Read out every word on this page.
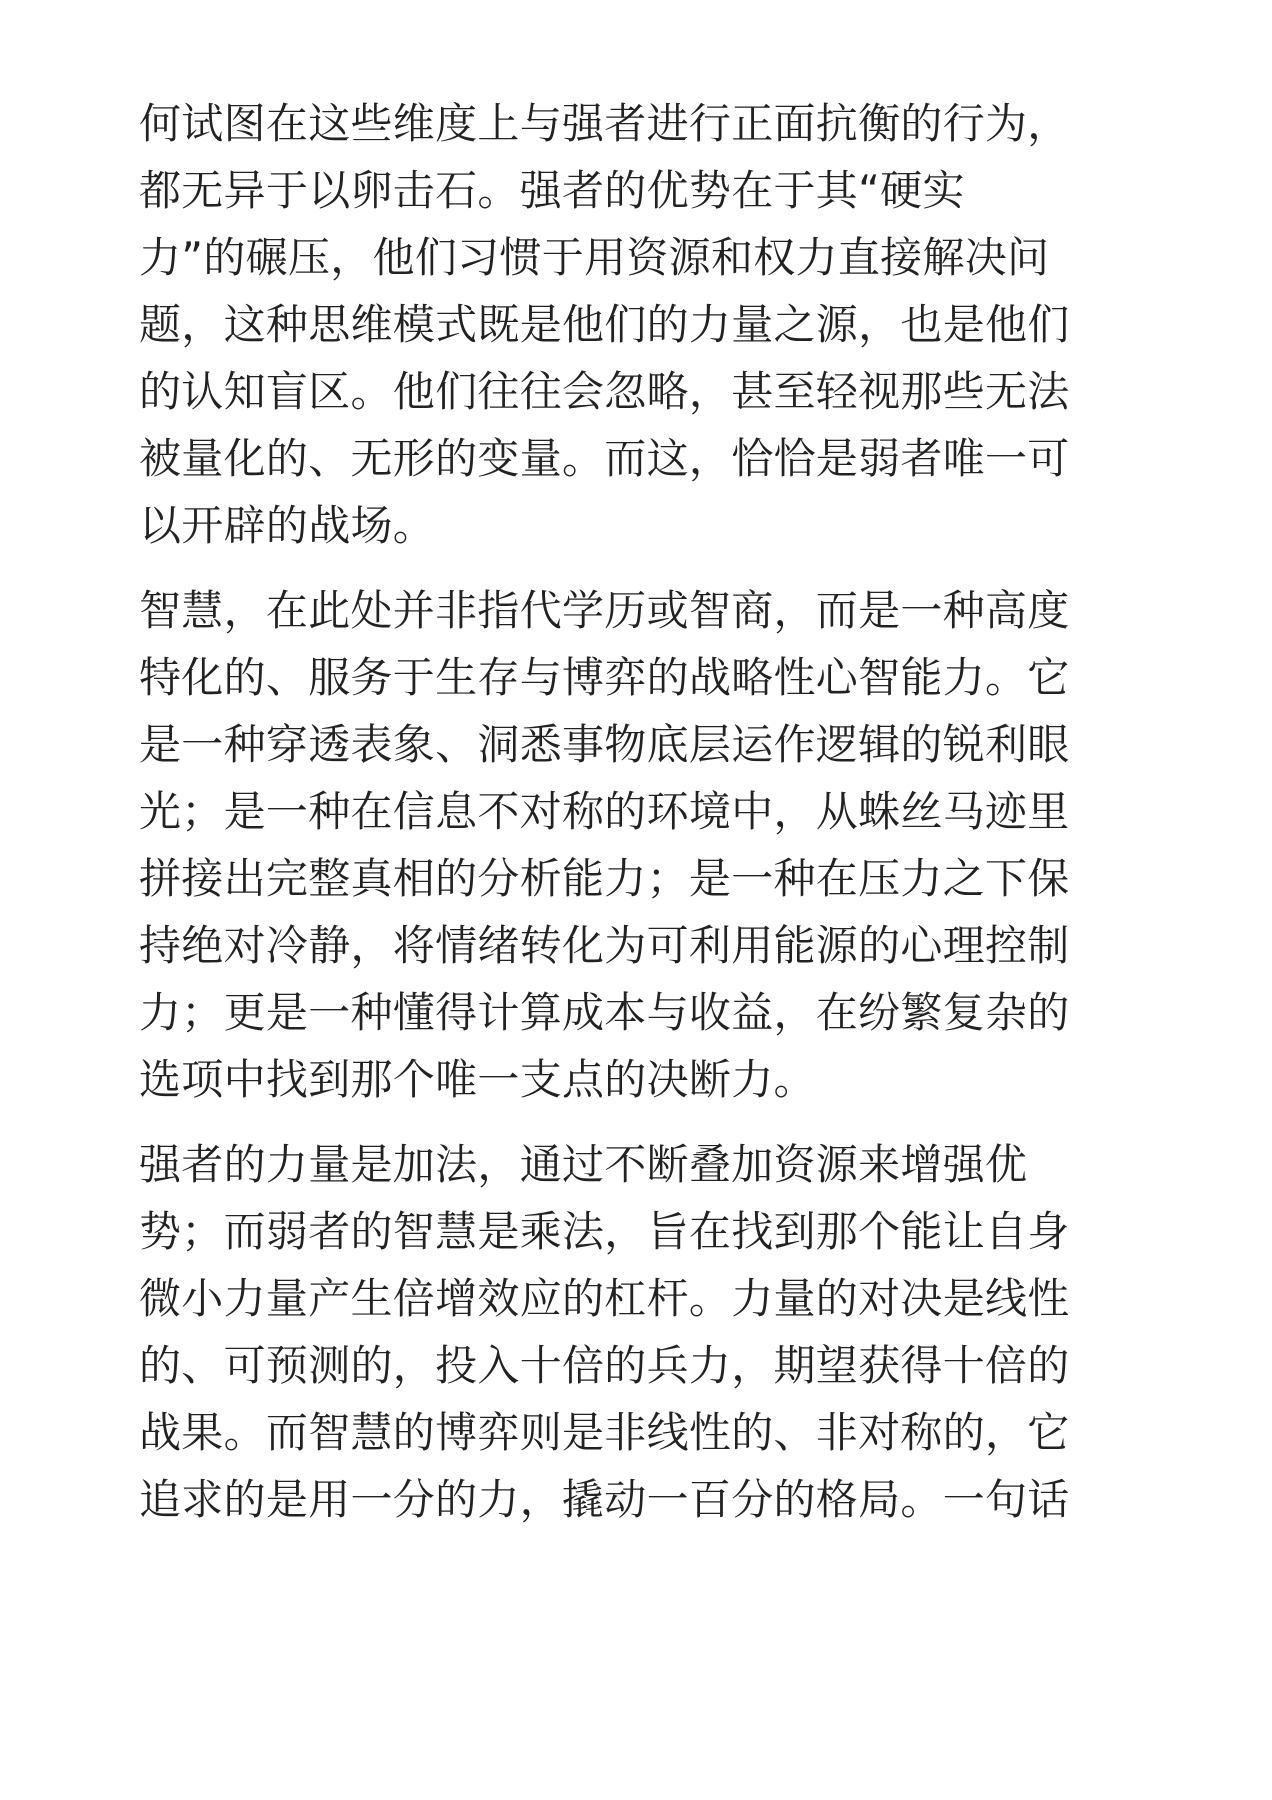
何试图在这些维度上与强者进行正面抗衡的行为，
都无异于以卵击石。强者的优势在于其“硬实
力”的碾压，他们习惯于用资源和权力直接解决问
题，这种思维模式既是他们的力量之源，也是他们
的认知盲区。他们往往会忽略，甚至轻视那些无法
被量化的、无形的变量。而这，恰恰是弱者唯一可
以开辟的战场。
智慧，在此处并非指代学历或智商，而是一种高度
特化的、服务于生存与博弈的战略性心智能力。它
是一种穿透表象、洞悉事物底层运作逻辑的锐利眼
光；是一种在信息不对称的环境中，从蛛丝马迹里
拼接出完整真相的分析能力；是一种在压力之下保
持绝对冷静，将情绪转化为可利用能源的心理控制
力；更是一种懂得计算成本与收益，在纷繁复杂的
选项中找到那个唯一支点的决断力。
强者的力量是加法，通过不断叠加资源来增强优
势；而弱者的智慧是乘法，旨在找到那个能让自身
微小力量产生倍增效应的杠杆。力量的对决是线性
的、可预测的，投入十倍的兵力，期望获得十倍的
战果。而智慧的博弈则是非线性的、非对称的，它
追求的是用一分的力，撬动一百分的格局。一句话
